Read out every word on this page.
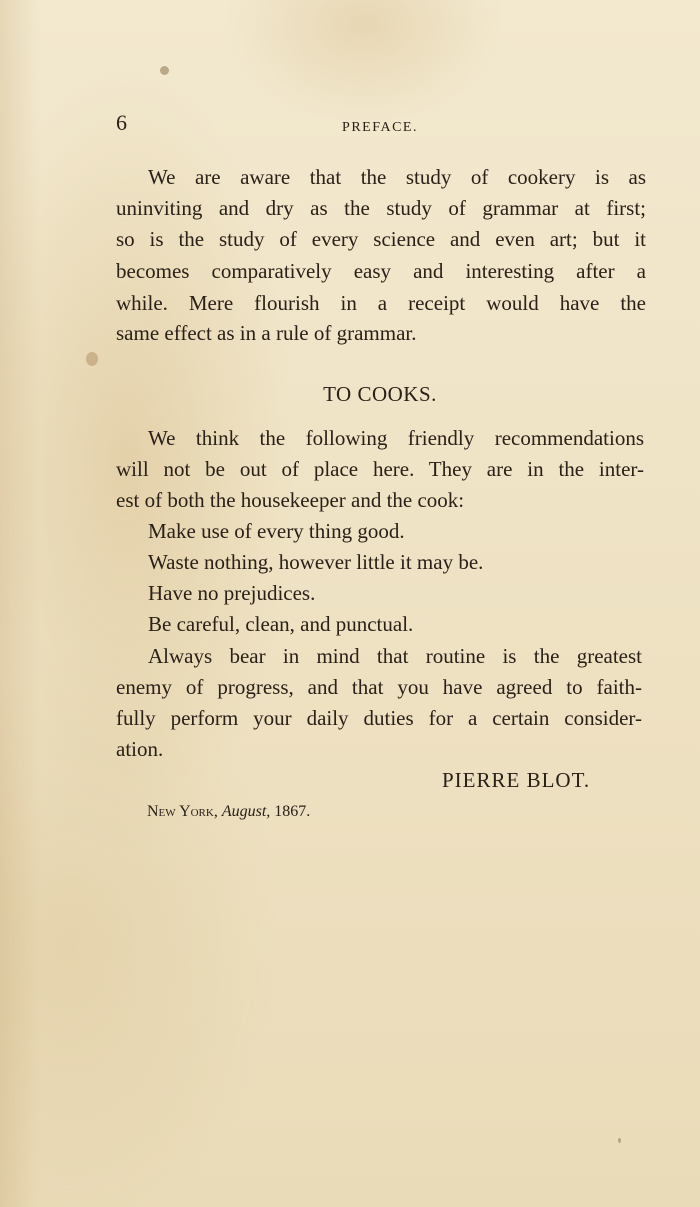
6	PREFACE.
We are aware that the study of cookery is as
uninviting and dry as the study of grammar at first;
so is the study of every science and even art; but it
becomes comparatively easy and interesting after a
while. Mere flourish in a receipt would have the
same effect as in a rule of grammar.
TO COOKS.
We think the following friendly recommendations
will not be out of place here. They are in the inter-
est of both the housekeeper and the cook:
Make use of every thing good.
Waste nothing, however little it may be.
Have no prejudices.
Be careful, clean, and punctual.
Always bear in mind that routine is the greatest
enemy of progress, and that you have agreed to faith-
fully perform your daily duties for a certain consider-
ation.
PIERRE BLOT.
New York, August, 1867.
